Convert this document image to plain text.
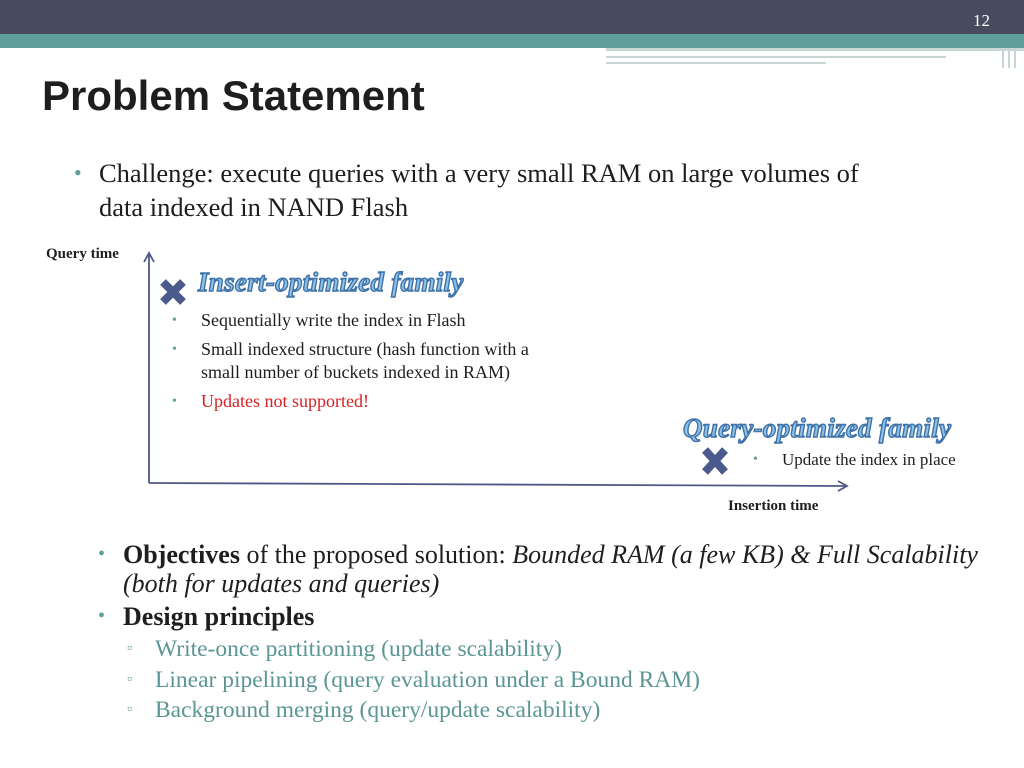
12
Problem Statement
• Challenge: execute queries with a very small RAM on large volumes of data indexed in NAND Flash
Query time
Insertion time
Insert-optimized family
• Sequentially write the index in Flash
• Small indexed structure (hash function with a small number of buckets indexed in RAM)
• Updates not supported!
Query-optimized family
• Update the index in place
• Objectives of the proposed solution: Bounded RAM (a few KB) & Full Scalability (both for updates and queries)
• Design principles
▫ Write-once partitioning (update scalability)
▫ Linear pipelining (query evaluation under a Bound RAM)
▫ Background merging (query/update scalability)
